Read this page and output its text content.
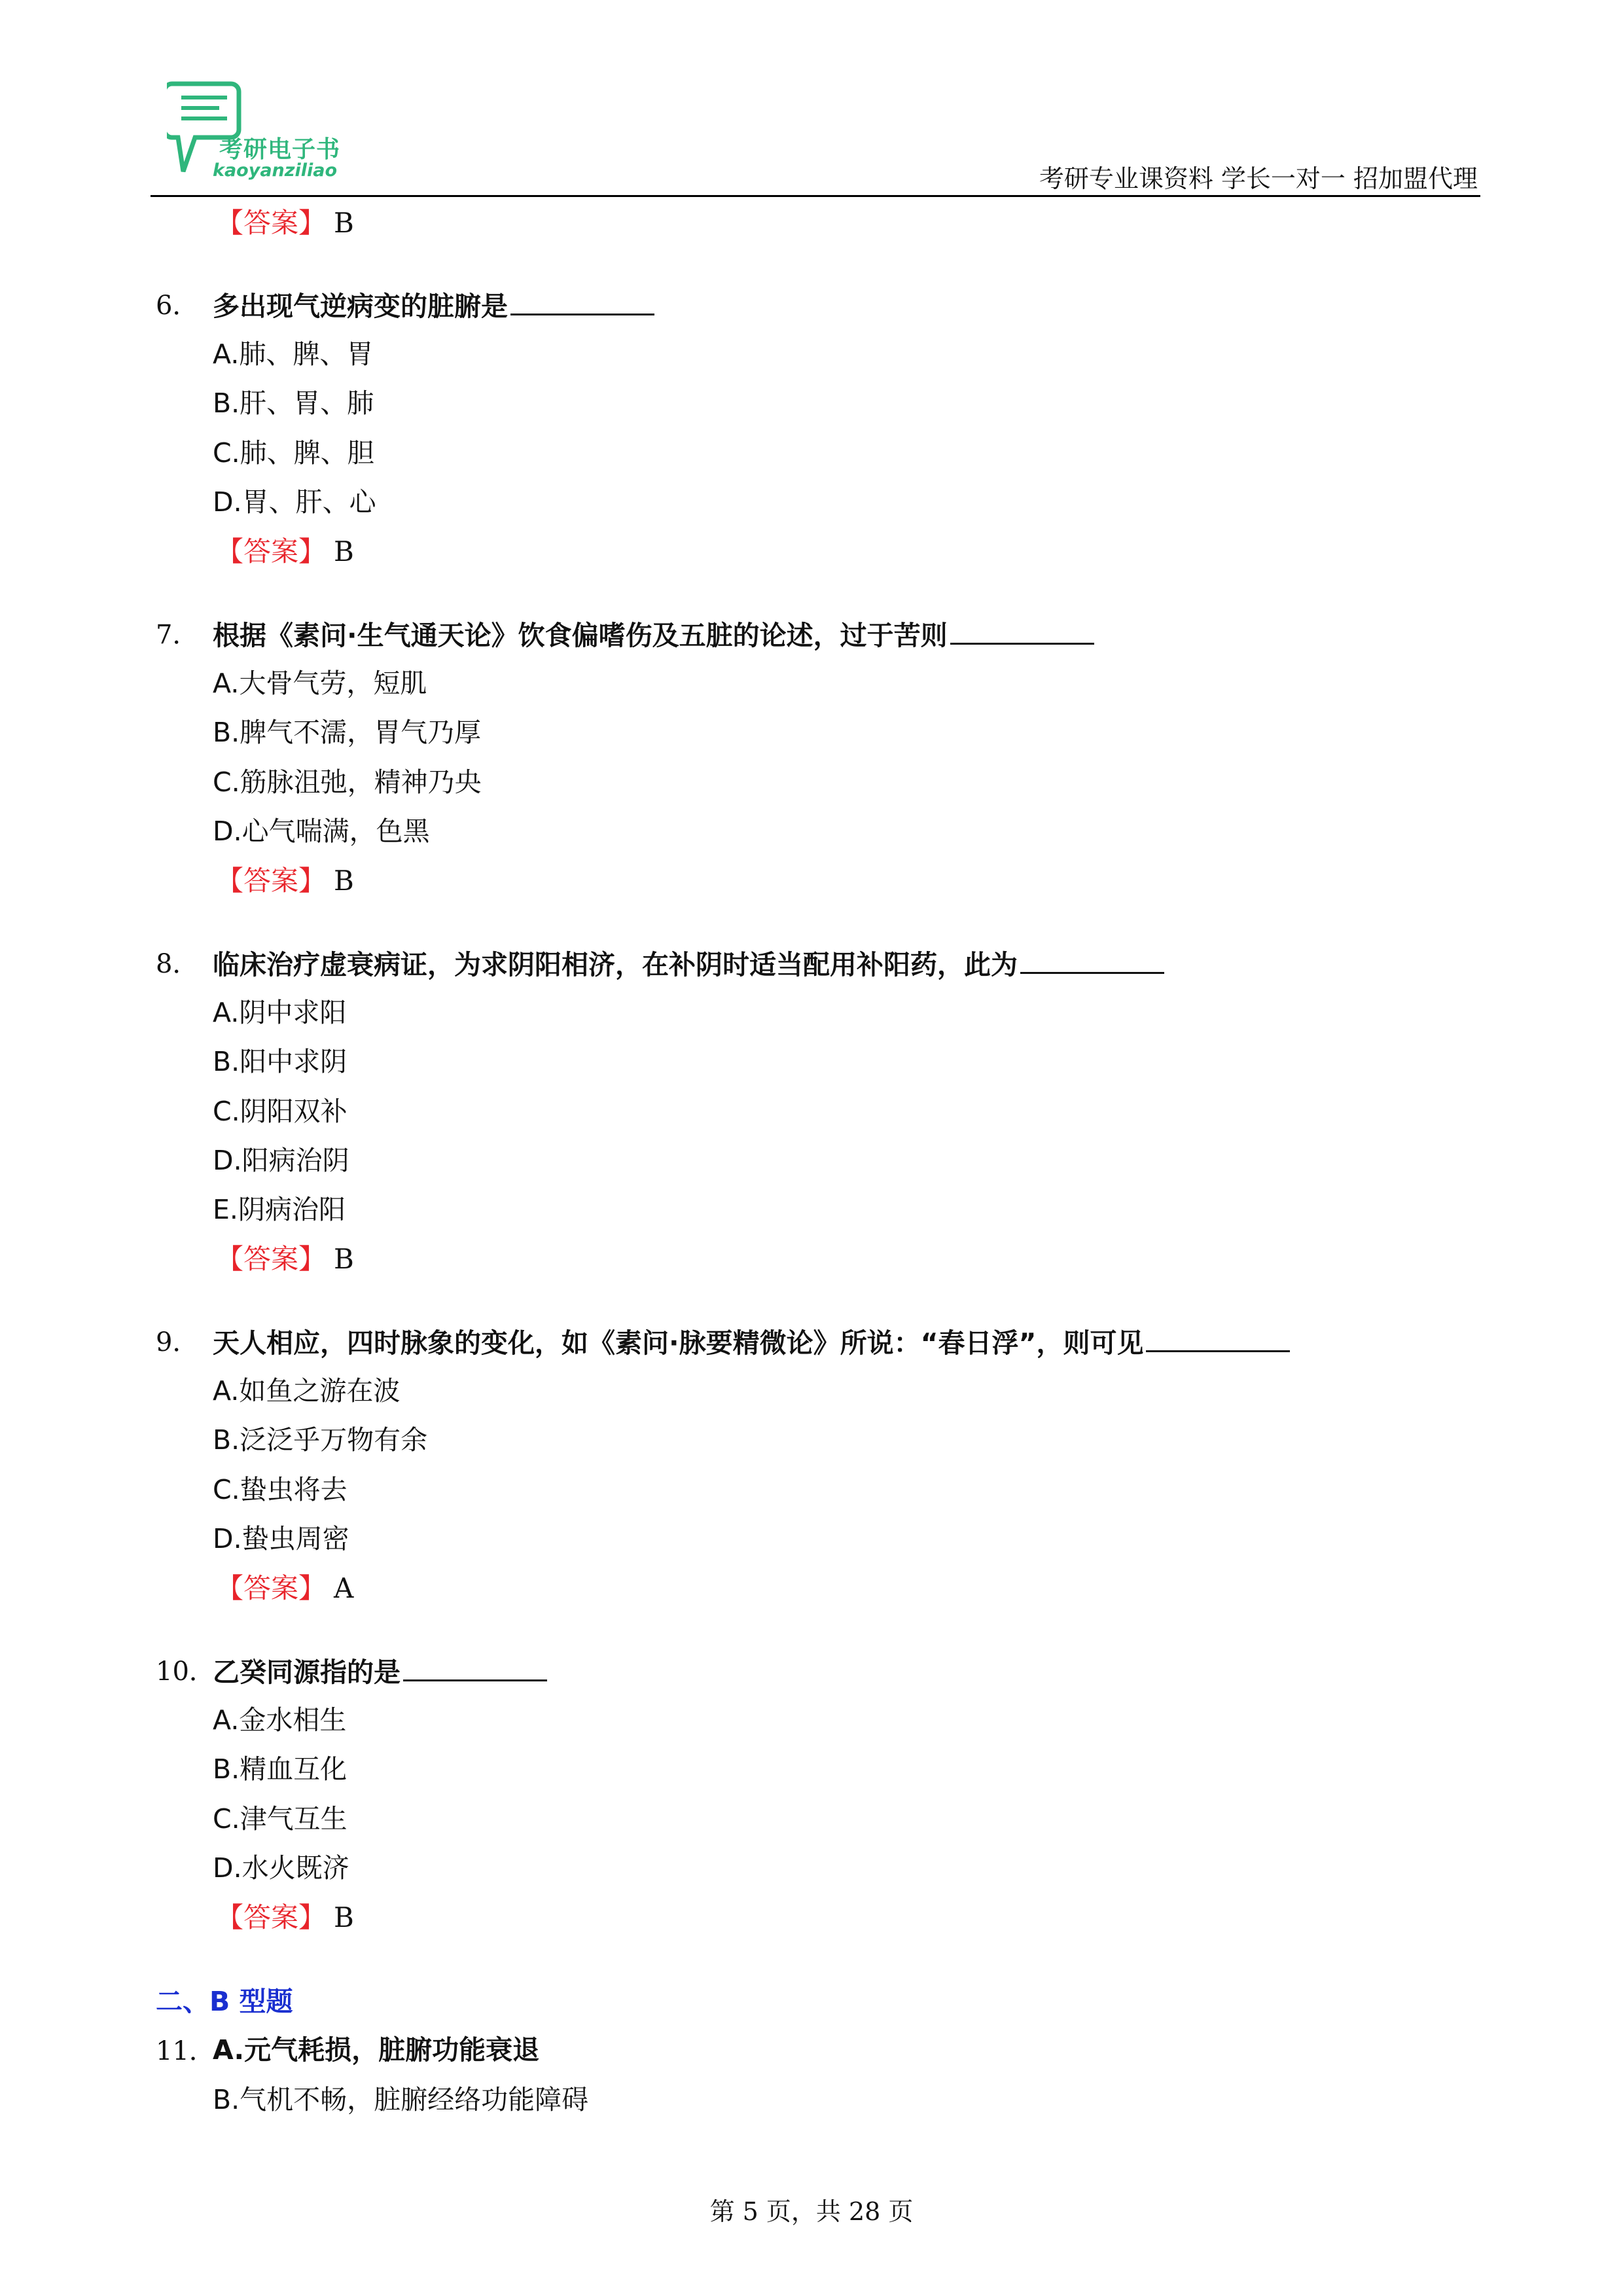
考研电子书
kaoyanziliao	考研专业课资料 学长一对一 招加盟代理
【答案】 B
6． 多出现气逆病变的脏腑是
A.肺、脾、胃
B.肝、胃、肺
C.肺、脾、胆
D.胃、肝、心
【答案】 B
7． 根据《素问·生气通天论》饮食偏嗜伤及五脏的论述，过于苦则
A.大骨气劳，短肌
B.脾气不濡，胃气乃厚
C.筋脉沮弛，精神乃央
D.心气喘满，色黑
【答案】 B
8． 临床治疗虚衰病证，为求阴阳相济，在补阴时适当配用补阳药，此为
A.阴中求阳
B.阳中求阴
C.阴阳双补
D.阳病治阴
E.阴病治阳
【答案】 B
9． 天人相应，四时脉象的变化，如《素问·脉要精微论》所说：“春日浮”，则可见
A.如鱼之游在波
B.泛泛乎万物有余
C.蛰虫将去
D.蛰虫周密
【答案】 A
10．
乙癸同源指的是
A.金水相生
B.精血互化
C.津气互生
D.水火既济
【答案】 B
二、B 型题
11．
A.元气耗损，脏腑功能衰退
B.气机不畅，脏腑经络功能障碍
第 5 页，共 28 页
